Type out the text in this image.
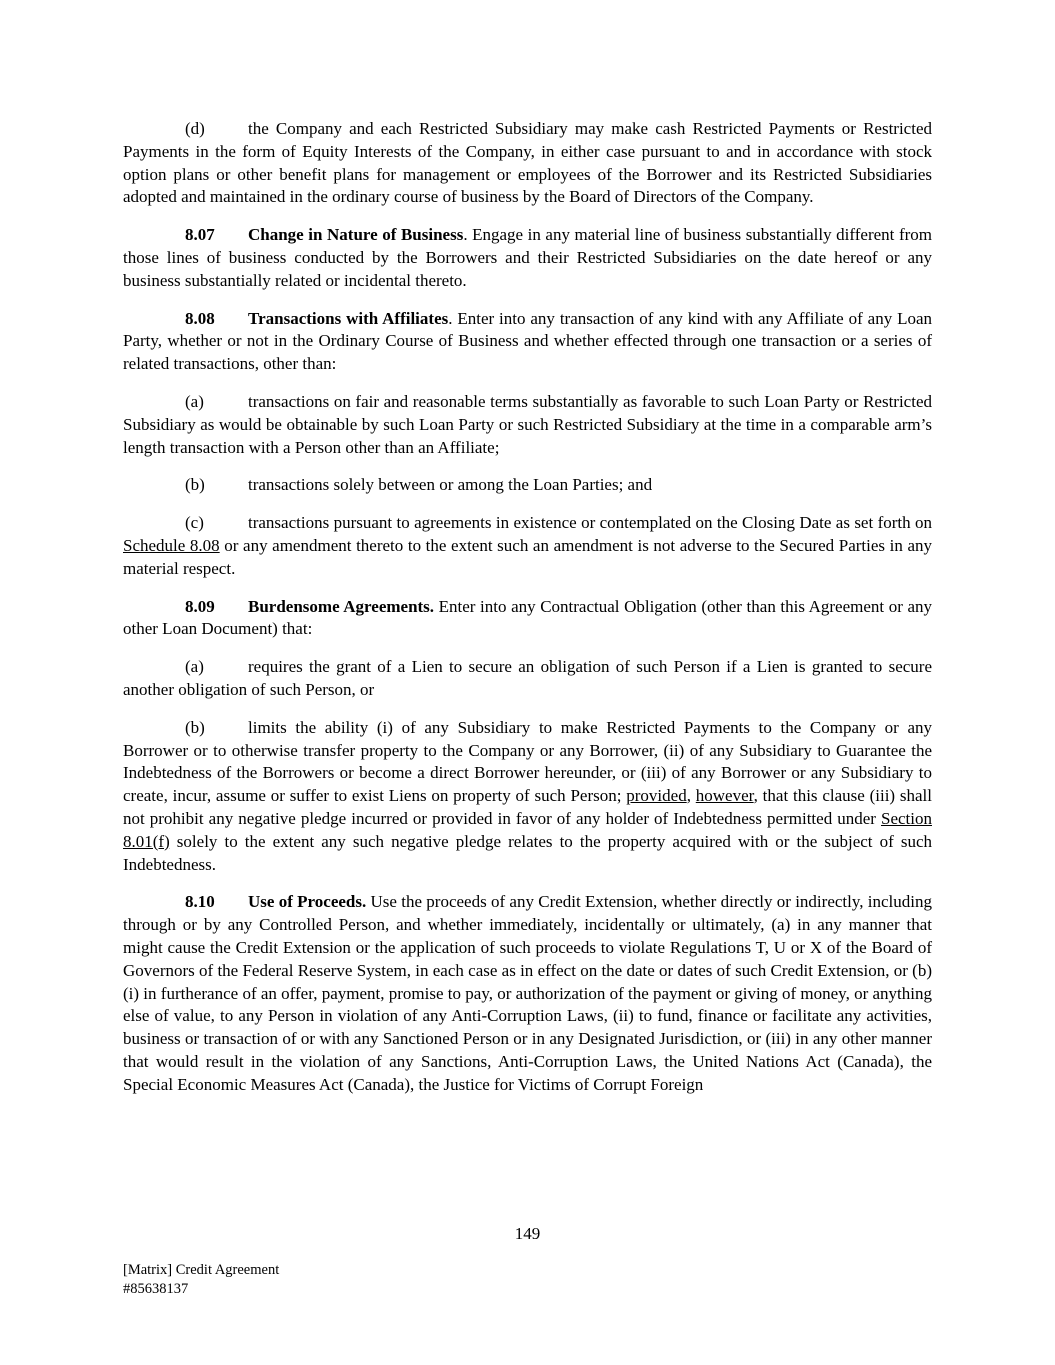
(d)	the Company and each Restricted Subsidiary may make cash Restricted Payments or Restricted Payments in the form of Equity Interests of the Company, in either case pursuant to and in accordance with stock option plans or other benefit plans for management or employees of the Borrower and its Restricted Subsidiaries adopted and maintained in the ordinary course of business by the Board of Directors of the Company.

8.07 Change in Nature of Business. Engage in any material line of business substantially different from those lines of business conducted by the Borrowers and their Restricted Subsidiaries on the date hereof or any business substantially related or incidental thereto.

8.08 Transactions with Affiliates. Enter into any transaction of any kind with any Affiliate of any Loan Party, whether or not in the Ordinary Course of Business and whether effected through one transaction or a series of related transactions, other than:

(a)	transactions on fair and reasonable terms substantially as favorable to such Loan Party or Restricted Subsidiary as would be obtainable by such Loan Party or such Restricted Subsidiary at the time in a comparable arm’s length transaction with a Person other than an Affiliate;

(b)	transactions solely between or among the Loan Parties; and

(c)	transactions pursuant to agreements in existence or contemplated on the Closing Date as set forth on Schedule 8.08 or any amendment thereto to the extent such an amendment is not adverse to the Secured Parties in any material respect.

8.09 Burdensome Agreements. Enter into any Contractual Obligation (other than this Agreement or any other Loan Document) that:

(a)	requires the grant of a Lien to secure an obligation of such Person if a Lien is granted to secure another obligation of such Person, or

(b)	limits the ability (i) of any Subsidiary to make Restricted Payments to the Company or any Borrower or to otherwise transfer property to the Company or any Borrower, (ii) of any Subsidiary to Guarantee the Indebtedness of the Borrowers or become a direct Borrower hereunder, or (iii) of any Borrower or any Subsidiary to create, incur, assume or suffer to exist Liens on property of such Person; provided, however, that this clause (iii) shall not prohibit any negative pledge incurred or provided in favor of any holder of Indebtedness permitted under Section 8.01(f) solely to the extent any such negative pledge relates to the property acquired with or the subject of such Indebtedness.

8.10 Use of Proceeds. Use the proceeds of any Credit Extension, whether directly or indirectly, including through or by any Controlled Person, and whether immediately, incidentally or ultimately, (a) in any manner that might cause the Credit Extension or the application of such proceeds to violate Regulations T, U or X of the Board of Governors of the Federal Reserve System, in each case as in effect on the date or dates of such Credit Extension, or (b)(i) in furtherance of an offer, payment, promise to pay, or authorization of the payment or giving of money, or anything else of value, to any Person in violation of any Anti-Corruption Laws, (ii) to fund, finance or facilitate any activities, business or transaction of or with any Sanctioned Person or in any Designated Jurisdiction, or (iii) in any other manner that would result in the violation of any Sanctions, Anti-Corruption Laws, the United Nations Act (Canada), the Special Economic Measures Act (Canada), the Justice for Victims of Corrupt Foreign

149
[Matrix] Credit Agreement
#85638137
